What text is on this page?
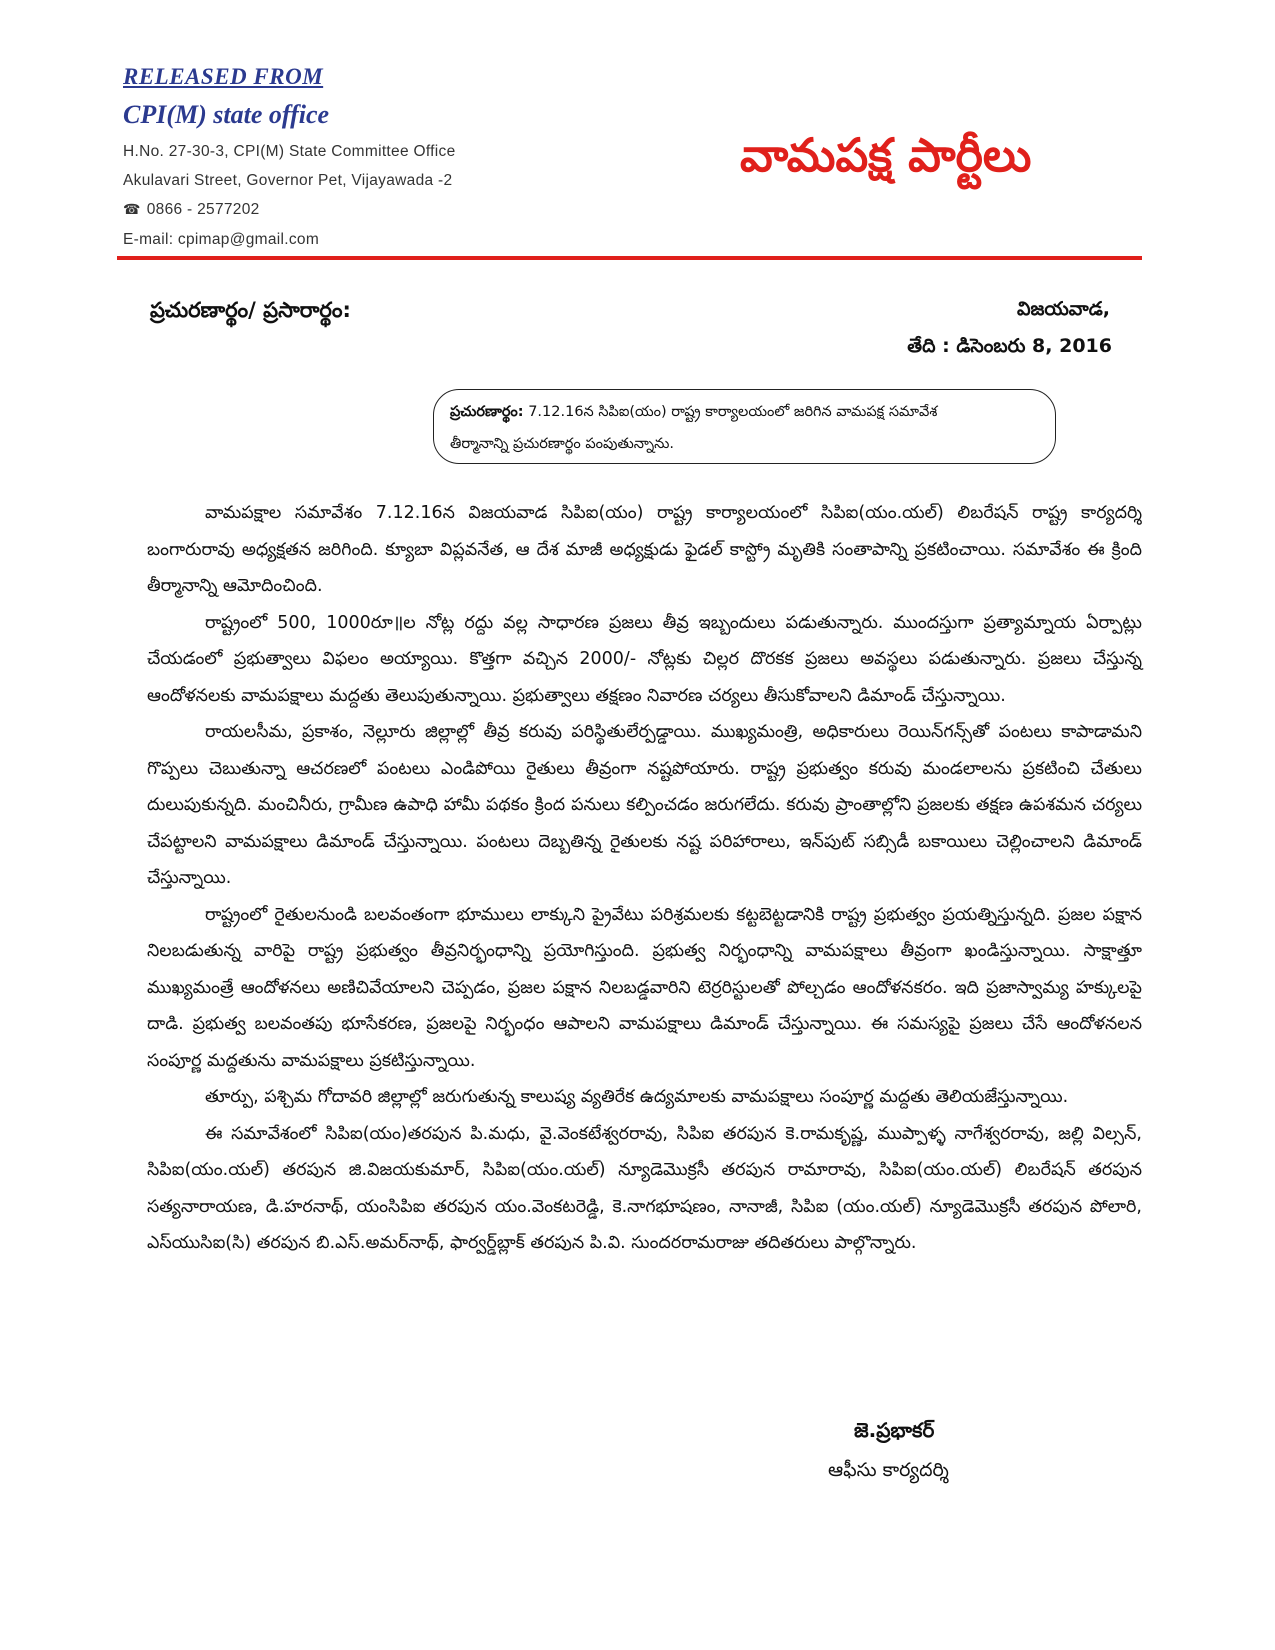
RELEASED FROM
CPI(M) state office
H.No. 27-30-3, CPI(M) State Committee Office
Akulavari Street, Governor Pet, Vijayawada -2
☎ 0866 - 2577202
E-mail: cpimap@gmail.com
వామపక్ష పార్టీలు
ప్రచురణార్థం/ ప్రసారార్థం:	విజయవాడ,
తేది : డిసెంబరు 8, 2016
ప్రచురణార్థం: 7.12.16న సిపిఐ(యం) రాష్ట్ర కార్యాలయంలో జరిగిన వామపక్ష సమావేశ
తీర్మానాన్ని ప్రచురణార్థం పంపుతున్నాను.

వామపక్షాల సమావేశం 7.12.16న విజయవాడ సిపిఐ(యం) రాష్ట్ర కార్యాలయంలో సిపిఐ(యం.యల్) లిబరేషన్ రాష్ట్ర కార్యదర్శి బంగారురావు అధ్యక్షతన జరిగింది. క్యూబా విప్లవనేత, ఆ దేశ మాజీ అధ్యక్షుడు ఫైడల్ కాస్ట్రో మృతికి సంతాపాన్ని ప్రకటించాయి. సమావేశం ఈ క్రింది తీర్మానాన్ని ఆమోదించింది.

రాష్ట్రంలో 500, 1000రూ॥ల నోట్ల రద్దు వల్ల సాధారణ ప్రజలు తీవ్ర ఇబ్బందులు పడుతున్నారు. ముందస్తుగా ప్రత్యామ్నాయ ఏర్పాట్లు చేయడంలో ప్రభుత్వాలు విఫలం అయ్యాయి. కొత్తగా వచ్చిన 2000/- నోట్లకు చిల్లర దొరకక ప్రజలు అవస్థలు పడుతున్నారు. ప్రజలు చేస్తున్న ఆందోళనలకు వామపక్షాలు మద్దతు తెలుపుతున్నాయి. ప్రభుత్వాలు తక్షణం నివారణ చర్యలు తీసుకోవాలని డిమాండ్ చేస్తున్నాయి.

రాయలసీమ, ప్రకాశం, నెల్లూరు జిల్లాల్లో తీవ్ర కరువు పరిస్థితులేర్పడ్డాయి. ముఖ్యమంత్రి, అధికారులు రెయిన్‌గన్స్‌తో పంటలు కాపాడామని గొప్పలు చెబుతున్నా ఆచరణలో పంటలు ఎండిపోయి రైతులు తీవ్రంగా నష్టపోయారు. రాష్ట్ర ప్రభుత్వం కరువు మండలాలను ప్రకటించి చేతులు దులుపుకున్నది. మంచినీరు, గ్రామీణ ఉపాధి హామీ పథకం క్రింద పనులు కల్పించడం జరుగలేదు. కరువు ప్రాంతాల్లోని ప్రజలకు తక్షణ ఉపశమన చర్యలు చేపట్టాలని వామపక్షాలు డిమాండ్ చేస్తున్నాయి. పంటలు దెబ్బతిన్న రైతులకు నష్ట పరిహారాలు, ఇన్‌పుట్ సబ్సిడీ బకాయిలు చెల్లించాలని డిమాండ్ చేస్తున్నాయి.

రాష్ట్రంలో రైతులనుండి బలవంతంగా భూములు లాక్కుని ప్రైవేటు పరిశ్రమలకు కట్టబెట్టడానికి రాష్ట్ర ప్రభుత్వం ప్రయత్నిస్తున్నది. ప్రజల పక్షాన నిలబడుతున్న వారిపై రాష్ట్ర ప్రభుత్వం తీవ్రనిర్భంధాన్ని ప్రయోగిస్తుంది. ప్రభుత్వ నిర్భంధాన్ని వామపక్షాలు తీవ్రంగా ఖండిస్తున్నాయి. సాక్షాత్తూ ముఖ్యమంత్రే ఆందోళనలు అణిచివేయాలని చెప్పడం, ప్రజల పక్షాన నిలబడ్డవారిని టెర్రరిస్టులతో పోల్చడం ఆందోళనకరం. ఇది ప్రజాస్వామ్య హక్కులపై దాడి. ప్రభుత్వ బలవంతపు భూసేకరణ, ప్రజలపై నిర్భంధం ఆపాలని వామపక్షాలు డిమాండ్ చేస్తున్నాయి. ఈ సమస్యపై ప్రజలు చేసే ఆందోళనలన సంపూర్ణ మద్దతును వామపక్షాలు ప్రకటిస్తున్నాయి.

తూర్పు, పశ్చిమ గోదావరి జిల్లాల్లో జరుగుతున్న కాలుష్య వ్యతిరేక ఉద్యమాలకు వామపక్షాలు సంపూర్ణ మద్దతు తెలియజేస్తున్నాయి.

ఈ సమావేశంలో సిపిఐ(యం)తరపున పి.మధు, వై.వెంకటేశ్వరరావు, సిపిఐ తరపున కె.రామకృష్ణ, ముప్పాళ్ళ నాగేశ్వరరావు, జల్లి విల్సన్, సిపిఐ(యం.యల్) తరపున జి.విజయకుమార్, సిపిఐ(యం.యల్) న్యూడెమొక్రసీ తరపున రామారావు, సిపిఐ(యం.యల్) లిబరేషన్ తరపున సత్యనారాయణ, డి.హరనాథ్, యంసిపిఐ తరపున యం.వెంకటరెడ్డి, కె.నాగభూషణం, నానాజీ, సిపిఐ (యం.యల్) న్యూడెమొక్రసీ తరపున పోలారి, ఎస్‌యుసిఐ(సి) తరపున బి.ఎస్.అమర్‌నాథ్, ఫార్వర్డ్‌బ్లాక్ తరపున పి.వి. సుందరరామరాజు తదితరులు పాల్గొన్నారు.

జె.ప్రభాకర్
ఆఫీసు కార్యదర్శి
